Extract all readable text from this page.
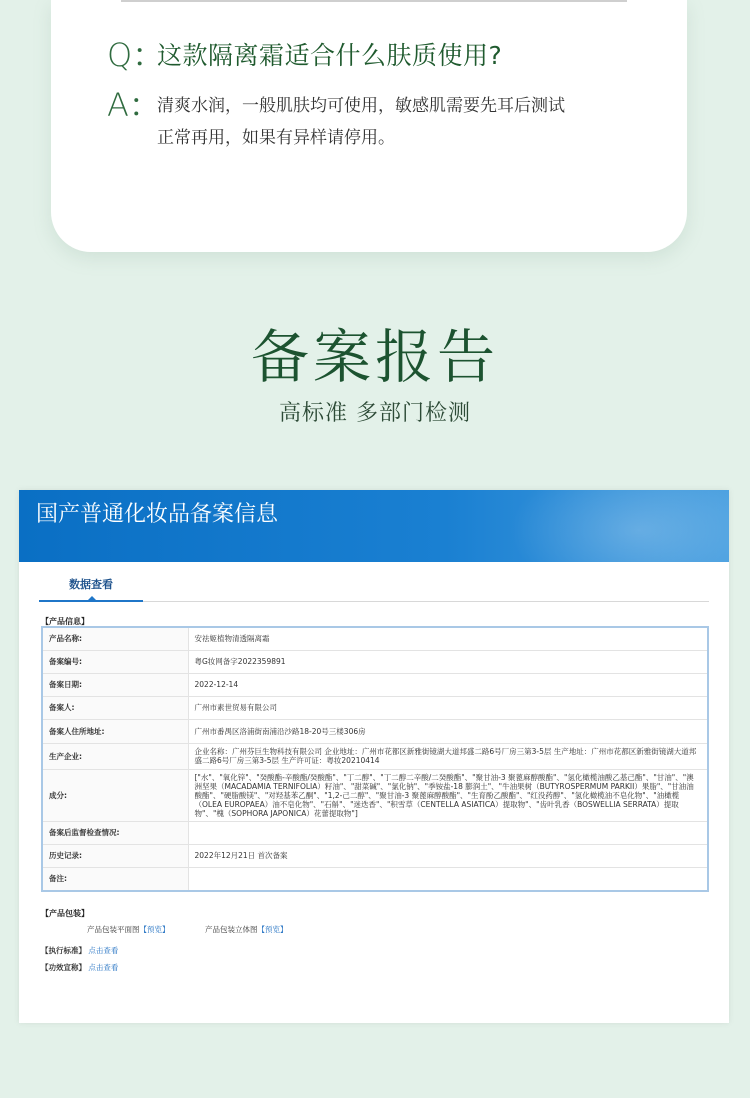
Q：
这款隔离霜适合什么肤质使用?
A：
清爽水润，一般肌肤均可使用，敏感肌需要先耳后测试正常再用，如果有异样请停用。
备案报告
高标准 多部门检测
国产普通化妆品备案信息
数据查看
【产品信息】
产品名称:	安祛姬植物清透隔离霜
备案编号:	粤G妆网备字2022359891
备案日期:	2022-12-14
备案人:	广州市素世贸易有限公司
备案人住所地址:	广州市番禺区洛浦街南浦沿沙路18-20号三楼306房
生产企业:	企业名称：广州芬巨生物科技有限公司 企业地址：广州市花都区新雅街镜湖大道邦盛二路6号厂房三第3-5层 生产地址：广州市花都区新雅街镜湖大道邦盛二路6号厂房三第3-5层 生产许可证：粤妆20210414
成分:	["水"、"氧化锌"、"癸酸酯-辛酸酯/癸酸酯"、"丁二醇"、"丁二醇二辛酸/二癸酸酯"、"聚甘油-3 聚蓖麻醇酸酯"、"氢化橄榄油酸乙基己酯"、"甘油"、"澳洲坚果（MACADAMIA TERNIFOLIA）籽油"、"甜菜碱"、"氯化钠"、"季铵盐-18 膨润土"、"牛油果树（BUTYROSPERMUM PARKII）果脂"、"甘油油酸酯"、"硬脂酸镁"、"对羟基苯乙酮"、"1,2-己二醇"、"聚甘油-3 聚蓖麻醇酸酯"、"生育酚乙酸酯"、"红没药醇"、"氢化橄榄油不皂化物"、"油橄榄（OLEA EUROPAEA）油不皂化物"、"石斛"、"迷迭香"、"积雪草（CENTELLA ASIATICA）提取物"、"齿叶乳香（BOSWELLIA SERRATA）提取物"、"槐（SOPHORA JAPONICA）花蕾提取物"]
备案后监督检查情况:	
历史记录:	2022年12月21日 首次备案
备注:	
【产品包装】
产品包装平面图【预览】	产品包装立体图【预览】
【执行标准】 点击查看
【功效宣称】 点击查看
